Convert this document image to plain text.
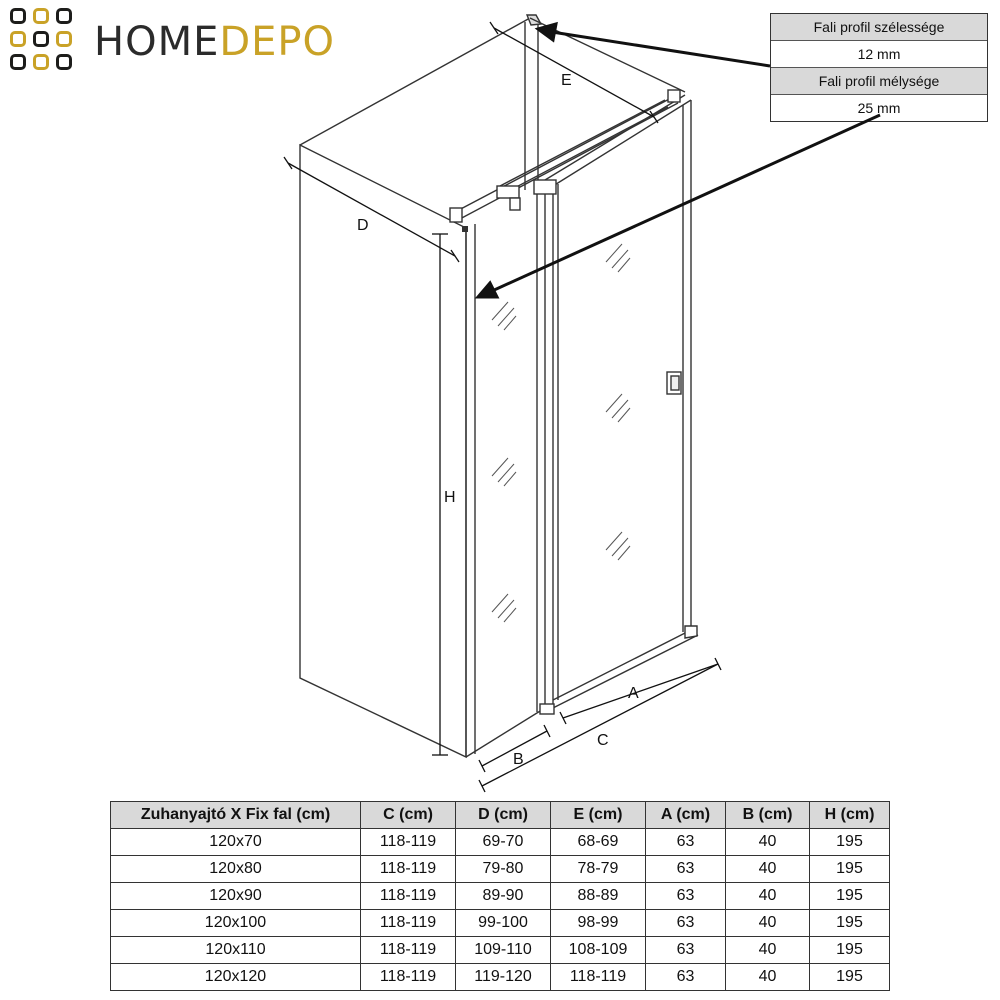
HOMEDEPO	Fali profil szélessége
12 mm
Fali profil mélysége
25 mm
E
D
H
A
C
B
Zuhanyajtó X Fix fal (cm)	C (cm)	D (cm)	E (cm)	A (cm)	B (cm)	H (cm)
120x70	118-119	69-70	68-69	63	40	195
120x80	118-119	79-80	78-79	63	40	195
120x90	118-119	89-90	88-89	63	40	195
120x100	118-119	99-100	98-99	63	40	195
120x110	118-119	109-110	108-109	63	40	195
120x120	118-119	119-120	118-119	63	40	195
